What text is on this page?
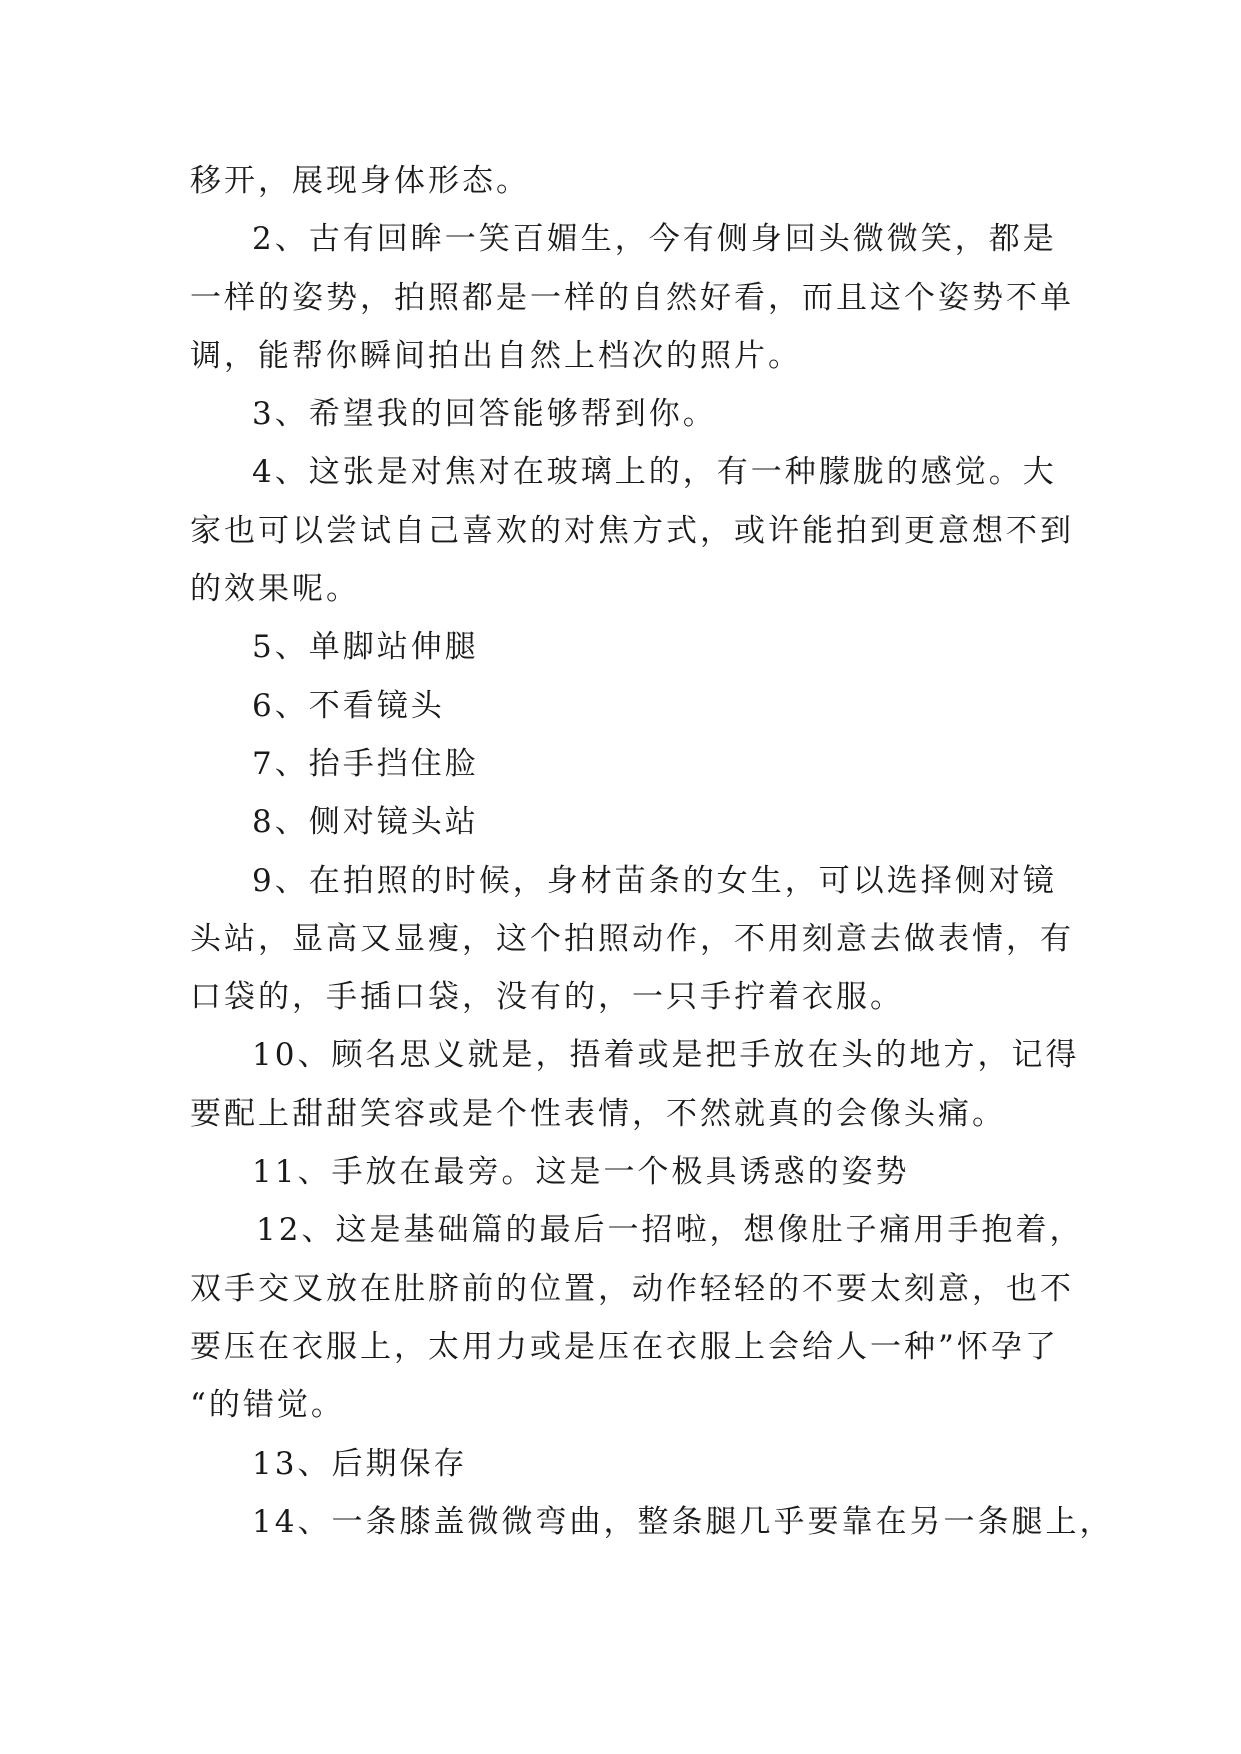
移开，展现身体形态。

2、古有回眸一笑百媚生，今有侧身回头微微笑，都是
一样的姿势，拍照都是一样的自然好看，而且这个姿势不单
调，能帮你瞬间拍出自然上档次的照片。

3、希望我的回答能够帮到你。

4、这张是对焦对在玻璃上的，有一种朦胧的感觉。大
家也可以尝试自己喜欢的对焦方式，或许能拍到更意想不到
的效果呢。

5、单脚站伸腿

6、不看镜头

7、抬手挡住脸

8、侧对镜头站

9、在拍照的时候，身材苗条的女生，可以选择侧对镜
头站，显高又显瘦，这个拍照动作，不用刻意去做表情，有
口袋的，手插口袋，没有的，一只手拧着衣服。

10、顾名思义就是，捂着或是把手放在头的地方，记得
要配上甜甜笑容或是个性表情，不然就真的会像头痛。

11、手放在最旁。这是一个极具诱惑的姿势

12、这是基础篇的最后一招啦，想像肚子痛用手抱着，
双手交叉放在肚脐前的位置，动作轻轻的不要太刻意，也不
要压在衣服上，太用力或是压在衣服上会给人一种”怀孕了
“的错觉。

13、后期保存

14、一条膝盖微微弯曲，整条腿几乎要靠在另一条腿上，
